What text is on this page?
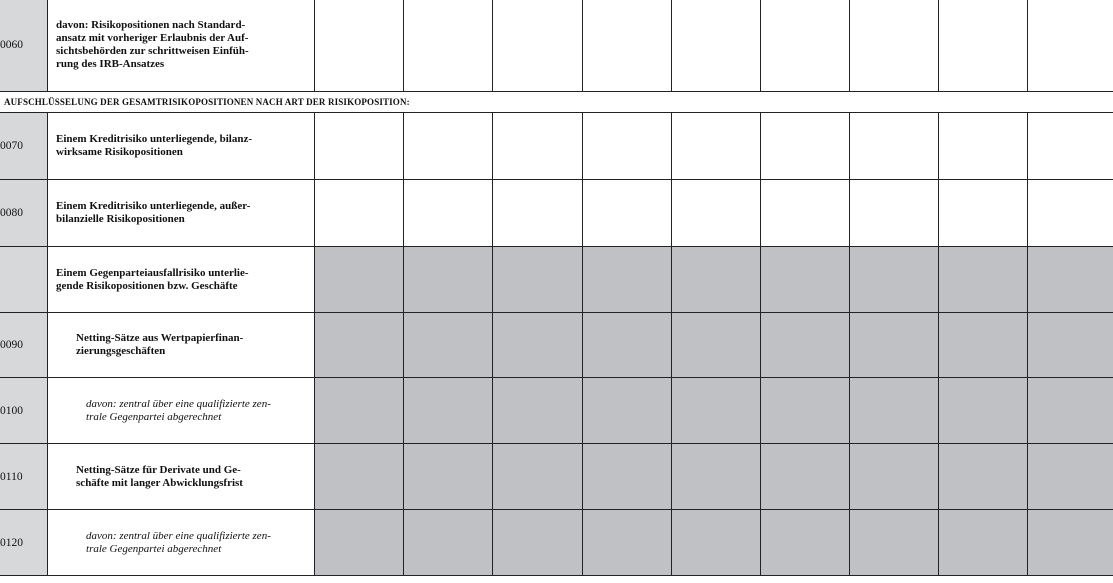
0060	davon: Risikopositionen nach Standard-
ansatz mit vorheriger Erlaubnis der Auf-
sichtsbehörden zur schrittweisen Einfüh-
rung des IRB-Ansatzes									

AUFSCHLÜSSELUNG DER GESAMTRISIKOPOSITIONEN NACH ART DER RISIKOPOSITION:										
0070	Einem Kreditrisiko unterliegende, bilanz-
wirksame Risikopositionen									

0080	Einem Kreditrisiko unterliegende, außer-
bilanzielle Risikopositionen									

	Einem Gegenparteiausfallrisiko unterlie-
gende Risikopositionen bzw. Geschäfte									

0090	Netting-Sätze aus Wertpapierfinan-
zierungsgeschäften									

0100	davon: zentral über eine qualifizierte zen-
trale Gegenpartei abgerechnet									

0110	Netting-Sätze für Derivate und Ge-
schäfte mit langer Abwicklungsfrist									

0120	davon: zentral über eine qualifizierte zen-
trale Gegenpartei abgerechnet									
